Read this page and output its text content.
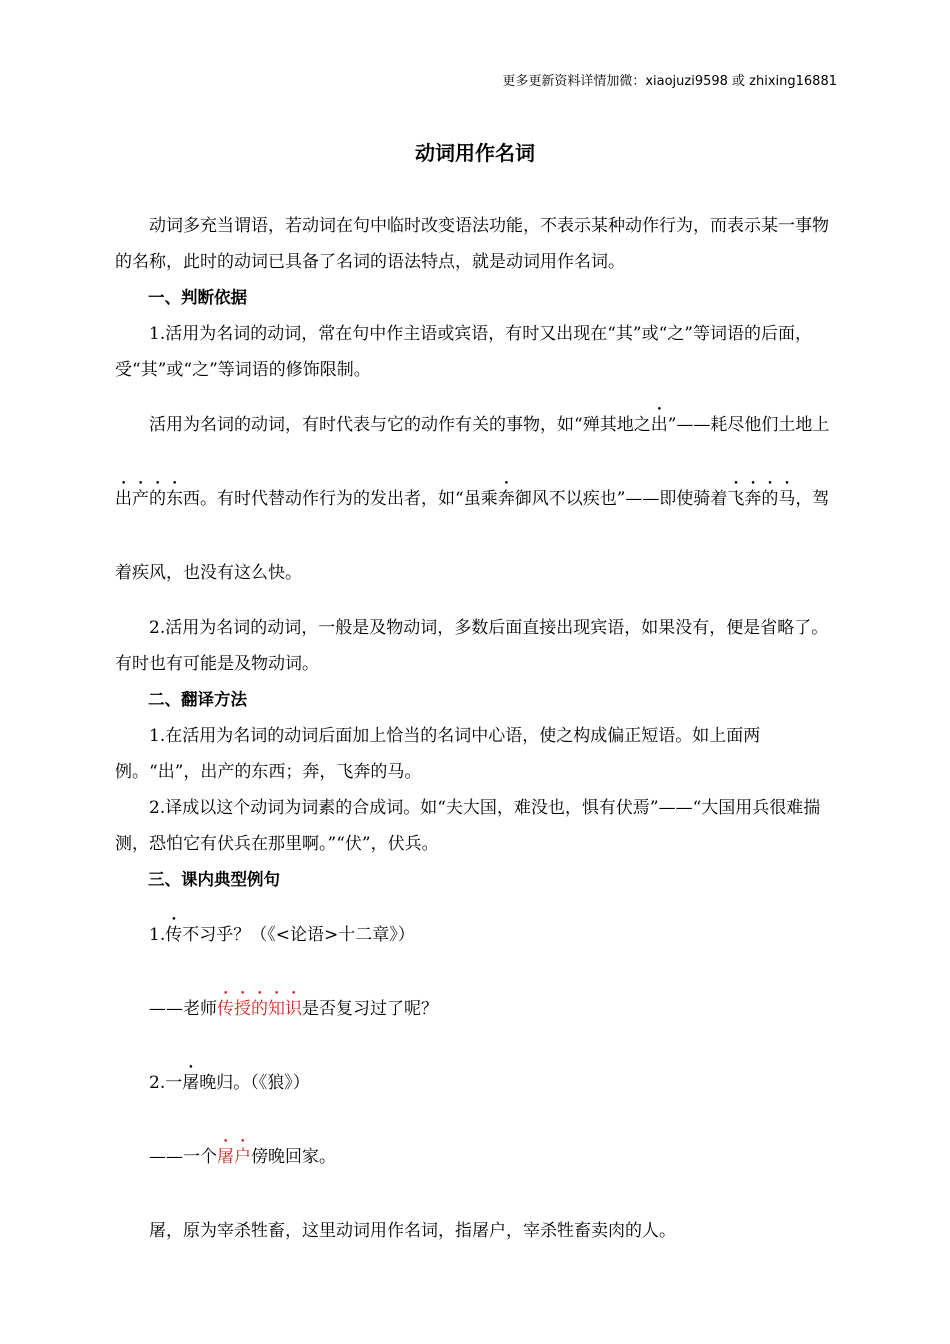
更多更新资料详情加微：xiaojuzi9598 或 zhixing16881
动词用作名词

动词多充当谓语，若动词在句中临时改变语法功能，不表示某种动作行为，而表示某一事物的名称，此时的动词已具备了名词的语法特点，就是动词用作名词。

一、判断依据

1.活用为名词的动词，常在句中作主语或宾语，有时又出现在“其”或“之”等词语的后面，受“其”或“之”等词语的修饰限制。

活用为名词的动词，有时代表与它的动作有关的事物，如“殚其地之出”——耗尽他们土地上出产的东西。有时代替动作行为的发出者，如“虽乘奔御风不以疾也”——即使骑着飞奔的马，驾着疾风，也没有这么快。

2.活用为名词的动词，一般是及物动词，多数后面直接出现宾语，如果没有，便是省略了。有时也有可能是及物动词。

二、翻译方法

1.在活用为名词的动词后面加上恰当的名词中心语，使之构成偏正短语。如上面两例。“出”，出产的东西；奔，飞奔的马。

2.译成以这个动词为词素的合成词。如“夫大国，难没也，惧有伏焉”——“大国用兵很难揣测，恐怕它有伏兵在那里啊。”“伏”，伏兵。

三、课内典型例句

1.传不习乎？（《<论语>十二章》）

——老师传授的知识是否复习过了呢？

2.一屠晚归。（《狼》）

——一个屠户傍晚回家。

屠，原为宰杀牲畜，这里动词用作名词，指屠户，宰杀牲畜卖肉的人。
